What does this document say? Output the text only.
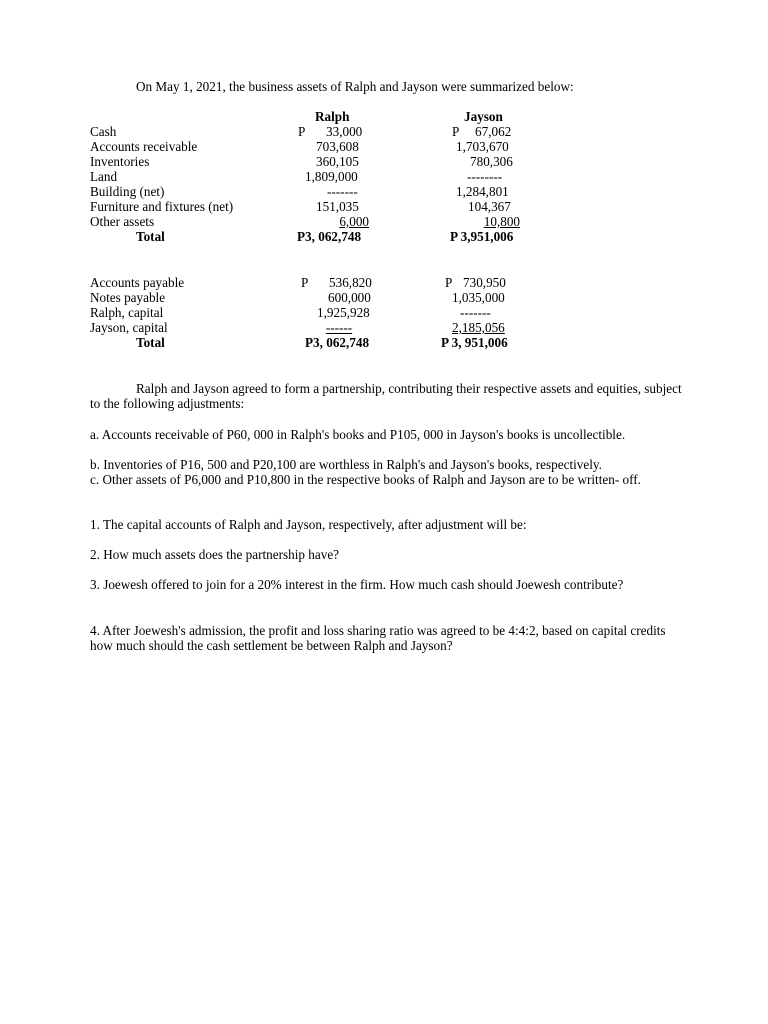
On May 1, 2021, the business assets of Ralph and Jayson were summarized below:
Ralph	Jayson
Cash	P 33,000	P 67,062
Accounts receivable	703,608	1,703,670
Inventories	360,105	780,306
Land	1,809,000	--------
Building (net)	-------	1,284,801
Furniture and fixtures (net)	151,035	104,367
Other assets	6,000	10,800
Total	P3, 062,748	P 3,951,006
Accounts payable	P 536,820	P 730,950
Notes payable	600,000	1,035,000
Ralph, capital	1,925,928	-------
Jayson, capital	------	2,185,056
Total	P3, 062,748	P 3, 951,006
Ralph and Jayson agreed to form a partnership, contributing their respective assets and equities, subject to the following adjustments:
a. Accounts receivable of P60, 000 in Ralph's books and P105, 000 in Jayson's books is uncollectible.
b. Inventories of P16, 500 and P20,100 are worthless in Ralph's and Jayson's books, respectively.
c. Other assets of P6,000 and P10,800 in the respective books of Ralph and Jayson are to be written- off.
1. The capital accounts of Ralph and Jayson, respectively, after adjustment will be:
2. How much assets does the partnership have?
3. Joewesh offered to join for a 20% interest in the firm. How much cash should Joewesh contribute?
4. After Joewesh's admission, the profit and loss sharing ratio was agreed to be 4:4:2, based on capital credits how much should the cash settlement be between Ralph and Jayson?
